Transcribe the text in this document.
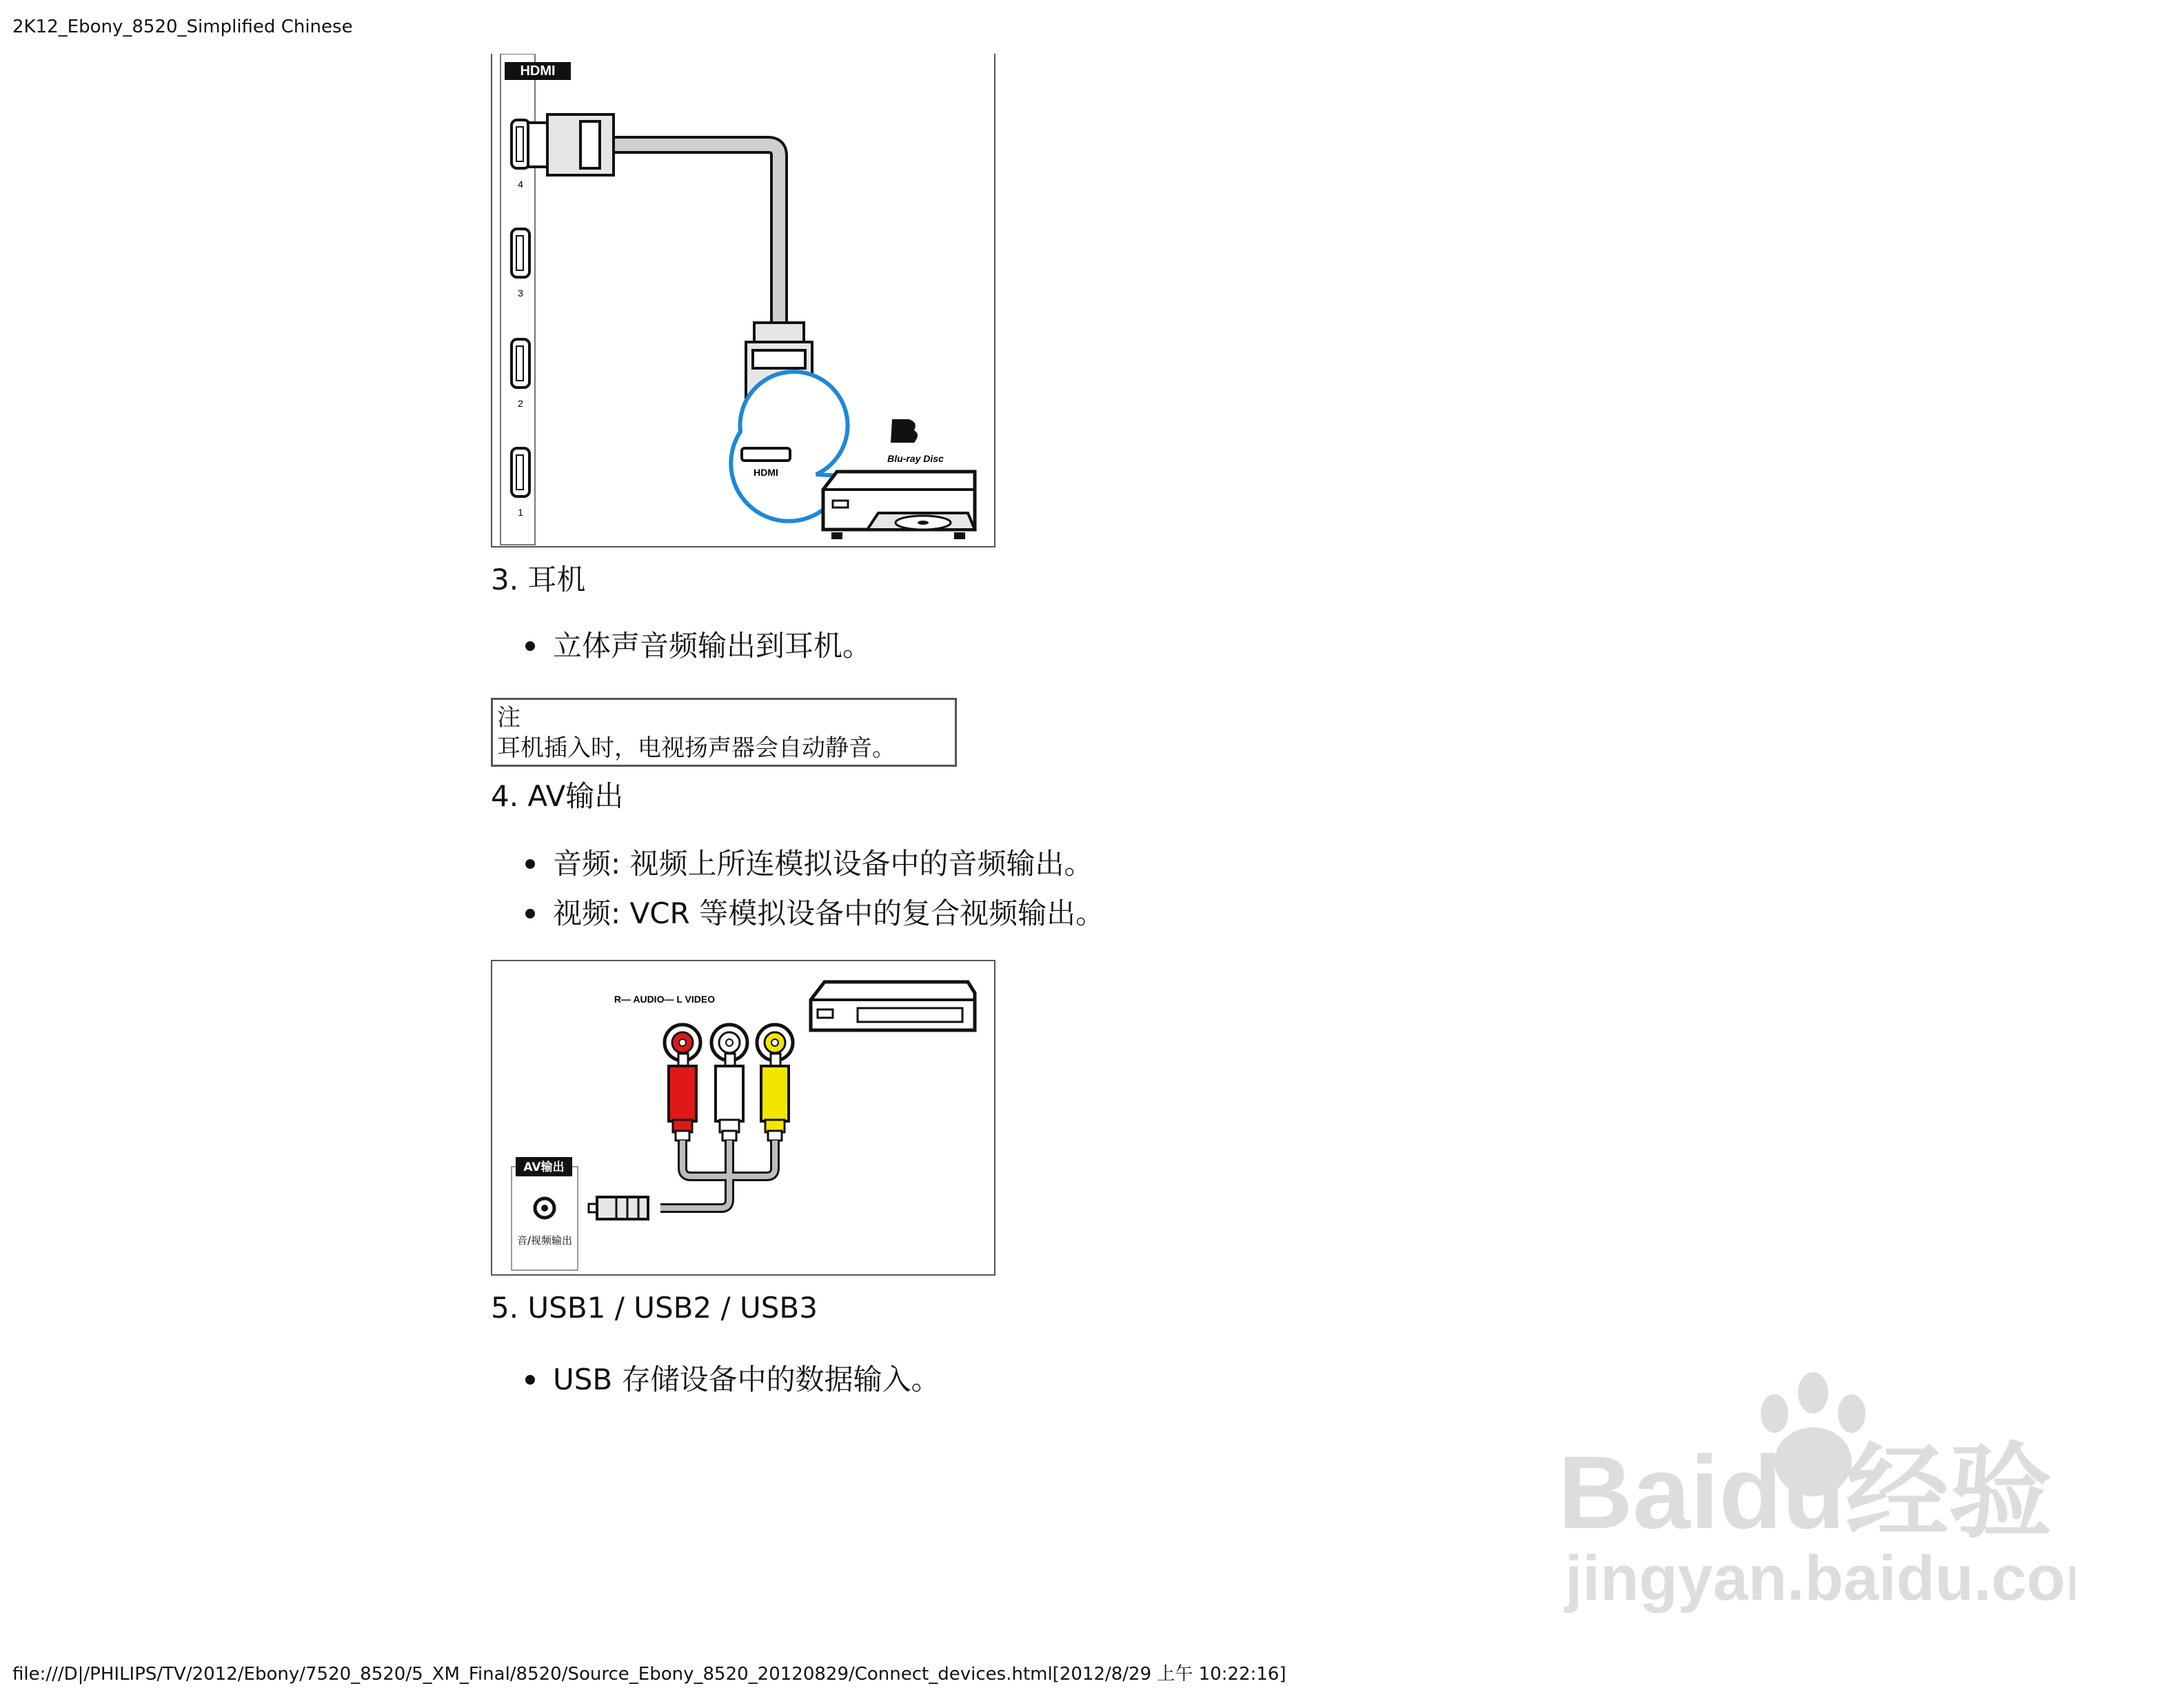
2K12_Ebony_8520_Simplified Chinese
HDMI
4
3
2
1
HDMI
Blu-ray Disc
3. 耳机
立体声音频输出到耳机。
注
耳机插入时，电视扬声器会自动静音。
4. AV输出
音频: 视频上所连模拟设备中的音频输出。
视频: VCR 等模拟设备中的复合视频输出。
R— AUDIO— L VIDEO
AV输出
音/视频输出
5. USB1 / USB2 / USB3
USB 存储设备中的数据输入。
Baidu经验
jingyan.baidu.com
file:///D|/PHILIPS/TV/2012/Ebony/7520_8520/5_XM_Final/8520/Source_Ebony_8520_20120829/Connect_devices.html[2012/8/29 上午 10:22:16]
